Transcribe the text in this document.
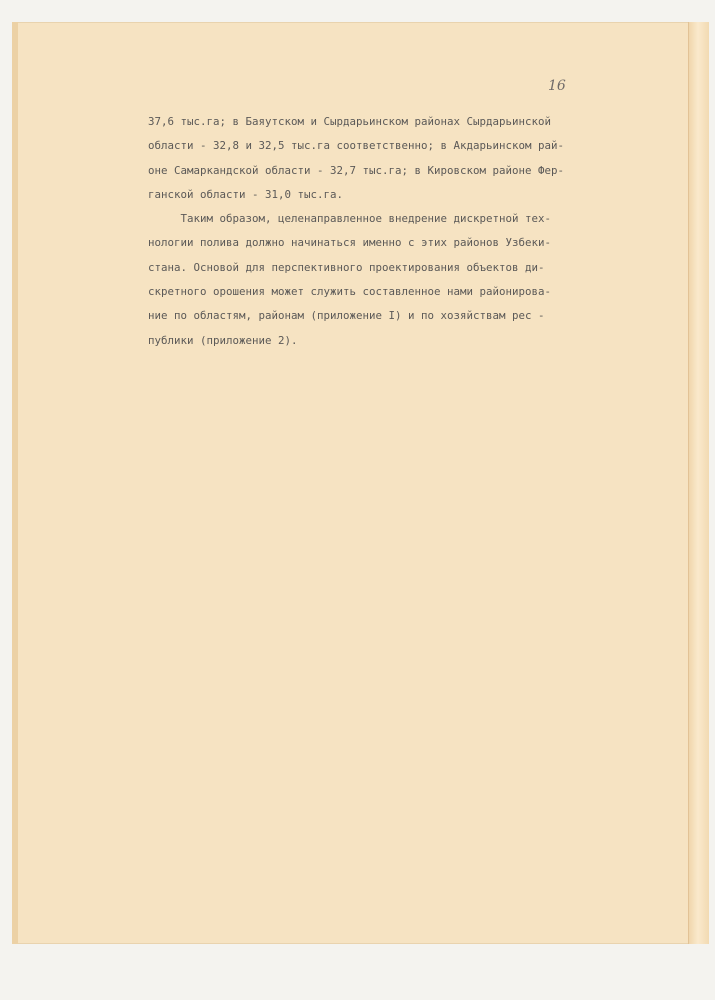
16

37,6 тыс.га; в Баяутском и Сырдарьинском районах Сырдарьинской
области - 32,8 и 32,5 тыс.га соответственно; в Акдарьинском рай-
оне Самаркандской области - 32,7 тыс.га; в Кировском районе Фер-
ганской области - 31,0 тыс.га.
Таким образом, целенаправленное внедрение дискретной тех-
нологии полива должно начинаться именно с этих районов Узбеки-
стана. Основой для перспективного проектирования объектов ди-
скретного орошения может служить составленное нами районирова-
ние по областям, районам (приложение I) и по хозяйствам рес -
публики (приложение 2).
